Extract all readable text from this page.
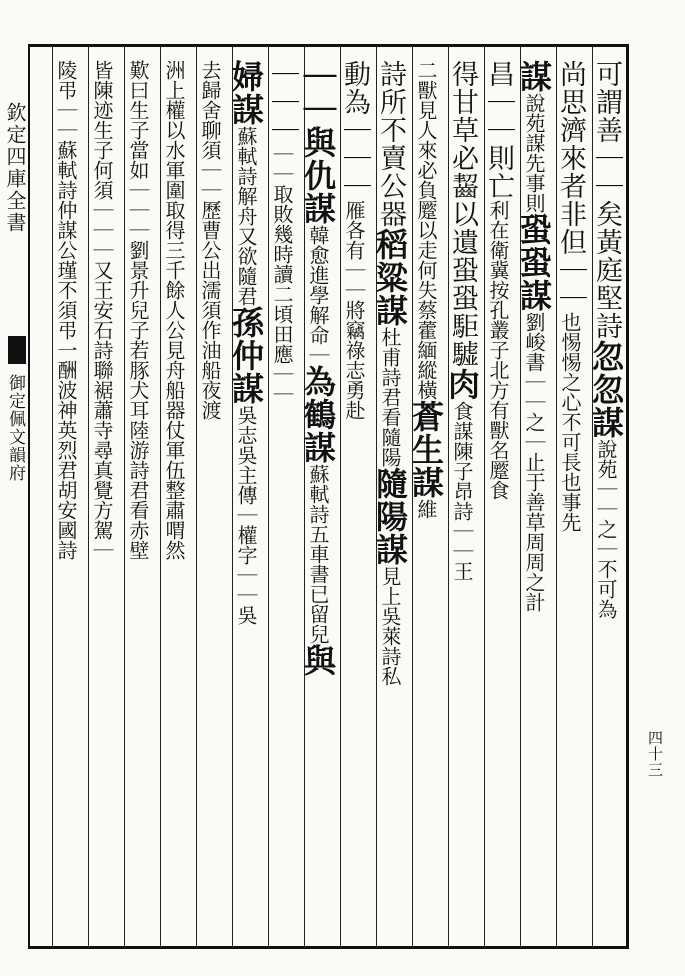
欽定四庫全書
御定佩文韻府
四十三
可謂善｜｜矣黃庭堅詩忽忽謀說苑｜｜之｜不可為
尚思濟來者非但｜｜也惕惕之心不可長也事先
謀說苑謀先事則蛩蛩謀劉峻書｜｜之｜止于善草周周之計
昌｜｜則亡利在衛冀按孔叢子北方有獸名蹷食
得甘草必齧以遺蛩蛩駏驉肉食謀陳子昂詩｜｜王
二獸見人來必負蹷以走何失蔡藿緬縱橫蒼生謀維
詩所不賣公器稻粱謀杜甫詩君看隨陽隨陽謀見上吳萊詩私
動為｜｜｜雁各有｜｜將竊祿志勇赴
｜｜與仇謀韓愈進學解命｜為鶴謀蘇軾詩五車書已留兒與
｜｜｜｜｜取敗幾時讀二頃田應｜｜
婦謀蘇軾詩解舟又欲隨君孫仲謀吳志吳主傳｜權字｜｜吳
去歸舍聊須｜｜歷曹公出濡須作油船夜渡
洲上權以水軍圍取得三千餘人公見舟船器仗軍伍整肅喟然
歎曰生子當如｜｜｜劉景升兒子若豚犬耳陸游詩君看赤壁
皆陳迹生子何須｜｜｜又王安石詩聯裾蕭寺尋真覺方駕｜
陵弔｜｜蘇軾詩仲謀公瑾不須弔一酬波神英烈君胡安國詩
